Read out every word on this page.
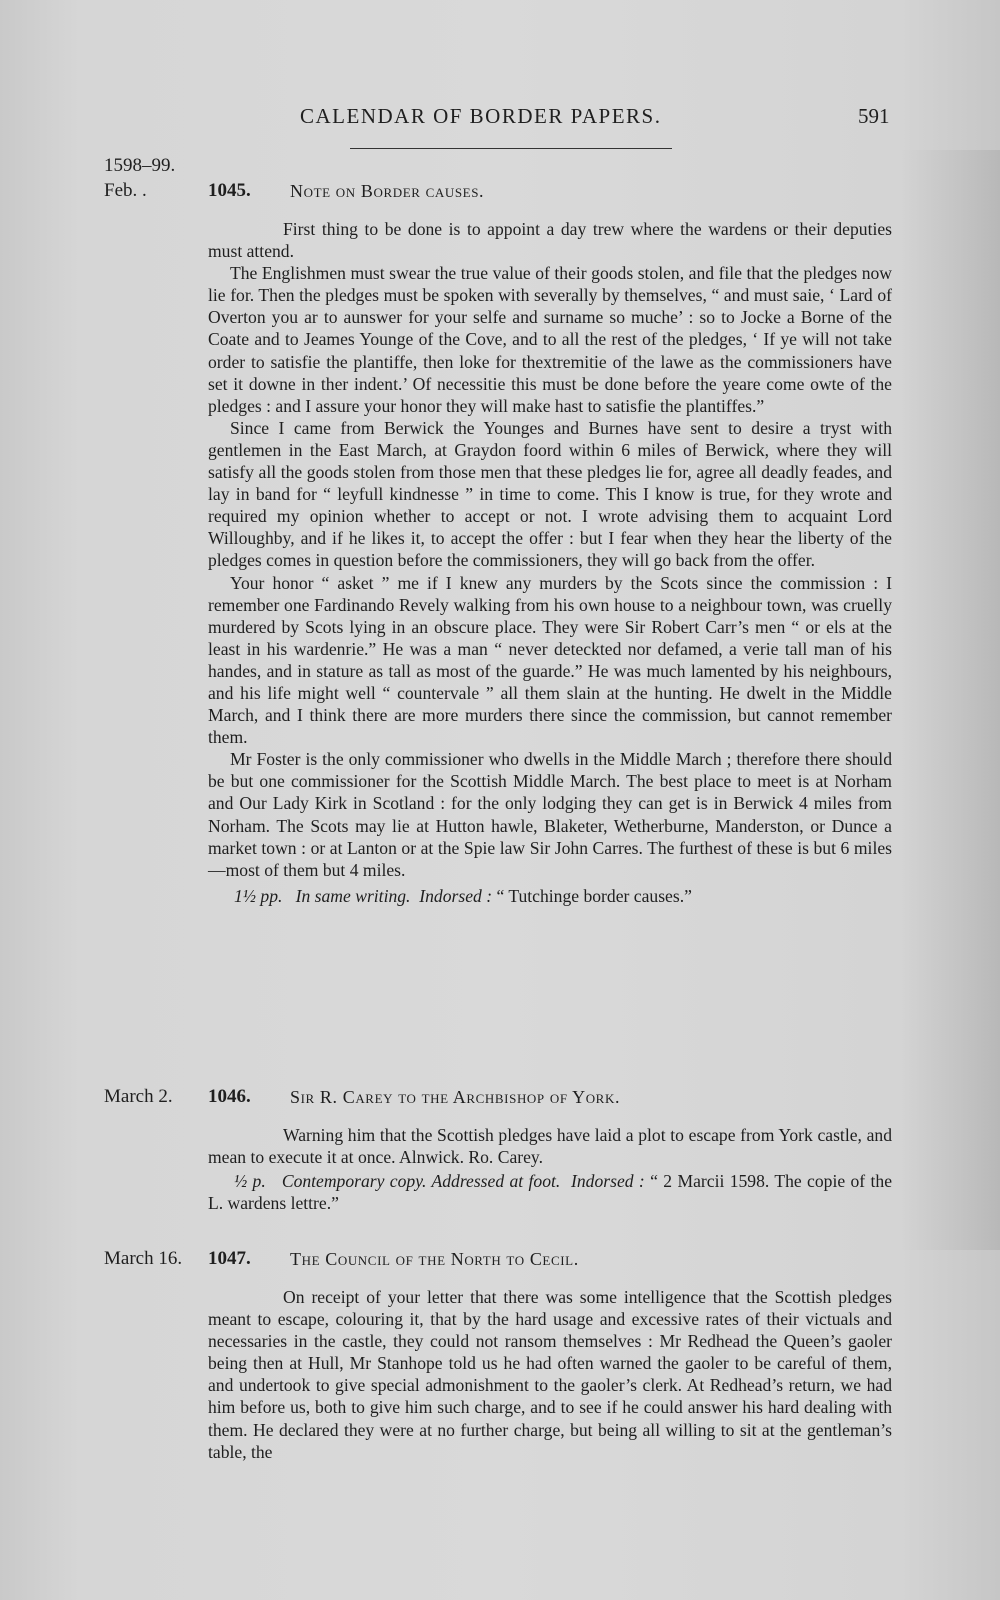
CALENDAR OF BORDER PAPERS.	591
1598–99.
Feb. .	1045. Note on Border causes.

First thing to be done is to appoint a day trew where the wardens or their deputies must attend.

The Englishmen must swear the true value of their goods stolen, and file that the pledges now lie for. Then the pledges must be spoken with severally by themselves, “ and must saie, ‘ Lard of Overton you ar to aunswer for your selfe and surname so muche’ : so to Jocke a Borne of the Coate and to Jeames Younge of the Cove, and to all the rest of the pledges, ‘ If ye will not take order to satisfie the plantiffe, then loke for thextremitie of the lawe as the commissioners have set it downe in ther indent.’ Of necessitie this must be done before the yeare come owte of the pledges : and I assure your honor they will make hast to satisfie the plantiffes.”

Since I came from Berwick the Younges and Burnes have sent to desire a tryst with gentlemen in the East March, at Graydon foord within 6 miles of Berwick, where they will satisfy all the goods stolen from those men that these pledges lie for, agree all deadly feades, and lay in band for “ leyfull kindnesse ” in time to come. This I know is true, for they wrote and required my opinion whether to accept or not. I wrote advising them to acquaint Lord Willoughby, and if he likes it, to accept the offer : but I fear when they hear the liberty of the pledges comes in question before the commissioners, they will go back from the offer.

Your honor “ asket ” me if I knew any murders by the Scots since the commission : I remember one Fardinando Revely walking from his own house to a neighbour town, was cruelly murdered by Scots lying in an obscure place. They were Sir Robert Carr’s men “ or els at the least in his wardenrie.” He was a man “ never deteckted nor defamed, a verie tall man of his handes, and in stature as tall as most of the guarde.” He was much lamented by his neighbours, and his life might well “ countervale ” all them slain at the hunting. He dwelt in the Middle March, and I think there are more murders there since the commission, but cannot remember them.

Mr Foster is the only commissioner who dwells in the Middle March ; therefore there should be but one commissioner for the Scottish Middle March. The best place to meet is at Norham and Our Lady Kirk in Scotland : for the only lodging they can get is in Berwick 4 miles from Norham. The Scots may lie at Hutton hawle, Blaketer, Wetherburne, Manderston, or Dunce a market town : or at Lanton or at the Spie law Sir John Carres. The furthest of these is but 6 miles—most of them but 4 miles.

1½ pp. In same writing. Indorsed : “ Tutchinge border causes.”

March 2. 1046. Sir R. Carey to the Archbishop of York.

Warning him that the Scottish pledges have laid a plot to escape from York castle, and mean to execute it at once. Alnwick. Ro. Carey.

½ p. Contemporary copy. Addressed at foot. Indorsed : “ 2 Marcii 1598. The copie of the L. wardens lettre.”

March 16. 1047. The Council of the North to Cecil.

On receipt of your letter that there was some intelligence that the Scottish pledges meant to escape, colouring it, that by the hard usage and excessive rates of their victuals and necessaries in the castle, they could not ransom themselves : Mr Redhead the Queen’s gaoler being then at Hull, Mr Stanhope told us he had often warned the gaoler to be careful of them, and undertook to give special admonishment to the gaoler’s clerk. At Redhead’s return, we had him before us, both to give him such charge, and to see if he could answer his hard dealing with them. He declared they were at no further charge, but being all willing to sit at the gentleman’s table, the
